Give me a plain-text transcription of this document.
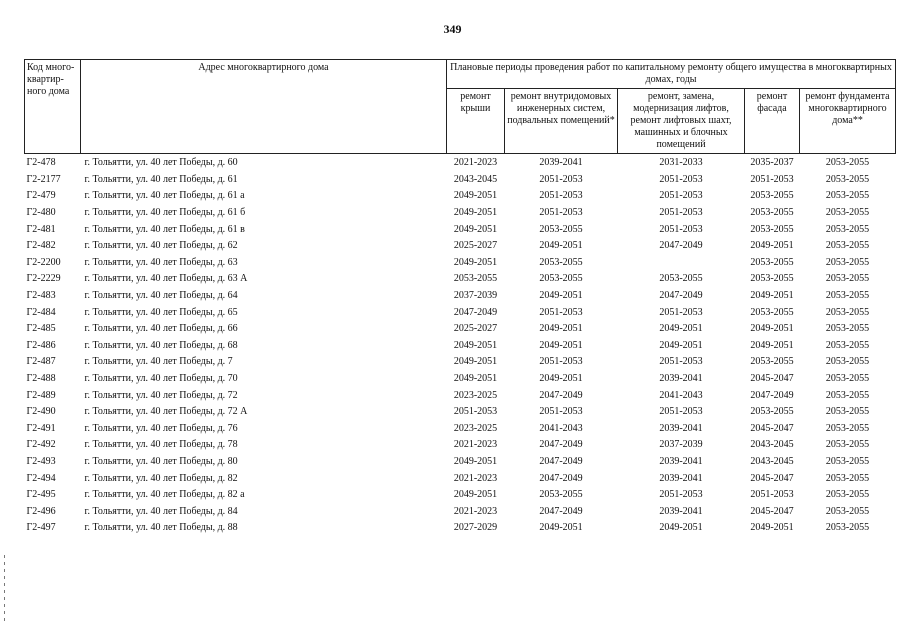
349
Код много-квартир-ного дома	Адрес многоквартирного дома	Плановые периоды проведения работ по капитальному ремонту общего имущества в многоквартирных домах, годы				
		ремонт крыши	ремонт внутридомовых инженерных систем, подвальных помещений*	ремонт, замена, модернизация лифтов, ремонт лифтовых шахт, машинных и блочных помещений	ремонт фасада	ремонт фундамента многоквартирного дома**
Г2-478	г. Тольятти, ул. 40 лет Победы, д. 60	2021-2023	2039-2041	2031-2033	2035-2037	2053-2055
Г2-2177	г. Тольятти, ул. 40 лет Победы, д. 61	2043-2045	2051-2053	2051-2053	2051-2053	2053-2055
Г2-479	г. Тольятти, ул. 40 лет Победы, д. 61 а	2049-2051	2051-2053	2051-2053	2053-2055	2053-2055
Г2-480	г. Тольятти, ул. 40 лет Победы, д. 61 б	2049-2051	2051-2053	2051-2053	2053-2055	2053-2055
Г2-481	г. Тольятти, ул. 40 лет Победы, д. 61 в	2049-2051	2053-2055	2051-2053	2053-2055	2053-2055
Г2-482	г. Тольятти, ул. 40 лет Победы, д. 62	2025-2027	2049-2051	2047-2049	2049-2051	2053-2055
Г2-2200	г. Тольятти, ул. 40 лет Победы, д. 63	2049-2051	2053-2055		2053-2055	2053-2055
Г2-2229	г. Тольятти, ул. 40 лет Победы, д. 63 А	2053-2055	2053-2055	2053-2055	2053-2055	2053-2055
Г2-483	г. Тольятти, ул. 40 лет Победы, д. 64	2037-2039	2049-2051	2047-2049	2049-2051	2053-2055
Г2-484	г. Тольятти, ул. 40 лет Победы, д. 65	2047-2049	2051-2053	2051-2053	2053-2055	2053-2055
Г2-485	г. Тольятти, ул. 40 лет Победы, д. 66	2025-2027	2049-2051	2049-2051	2049-2051	2053-2055
Г2-486	г. Тольятти, ул. 40 лет Победы, д. 68	2049-2051	2049-2051	2049-2051	2049-2051	2053-2055
Г2-487	г. Тольятти, ул. 40 лет Победы, д. 7	2049-2051	2051-2053	2051-2053	2053-2055	2053-2055
Г2-488	г. Тольятти, ул. 40 лет Победы, д. 70	2049-2051	2049-2051	2039-2041	2045-2047	2053-2055
Г2-489	г. Тольятти, ул. 40 лет Победы, д. 72	2023-2025	2047-2049	2041-2043	2047-2049	2053-2055
Г2-490	г. Тольятти, ул. 40 лет Победы, д. 72 А	2051-2053	2051-2053	2051-2053	2053-2055	2053-2055
Г2-491	г. Тольятти, ул. 40 лет Победы, д. 76	2023-2025	2041-2043	2039-2041	2045-2047	2053-2055
Г2-492	г. Тольятти, ул. 40 лет Победы, д. 78	2021-2023	2047-2049	2037-2039	2043-2045	2053-2055
Г2-493	г. Тольятти, ул. 40 лет Победы, д. 80	2049-2051	2047-2049	2039-2041	2043-2045	2053-2055
Г2-494	г. Тольятти, ул. 40 лет Победы, д. 82	2021-2023	2047-2049	2039-2041	2045-2047	2053-2055
Г2-495	г. Тольятти, ул. 40 лет Победы, д. 82 а	2049-2051	2053-2055	2051-2053	2051-2053	2053-2055
Г2-496	г. Тольятти, ул. 40 лет Победы, д. 84	2021-2023	2047-2049	2039-2041	2045-2047	2053-2055
Г2-497	г. Тольятти, ул. 40 лет Победы, д. 88	2027-2029	2049-2051	2049-2051	2049-2051	2053-2055
